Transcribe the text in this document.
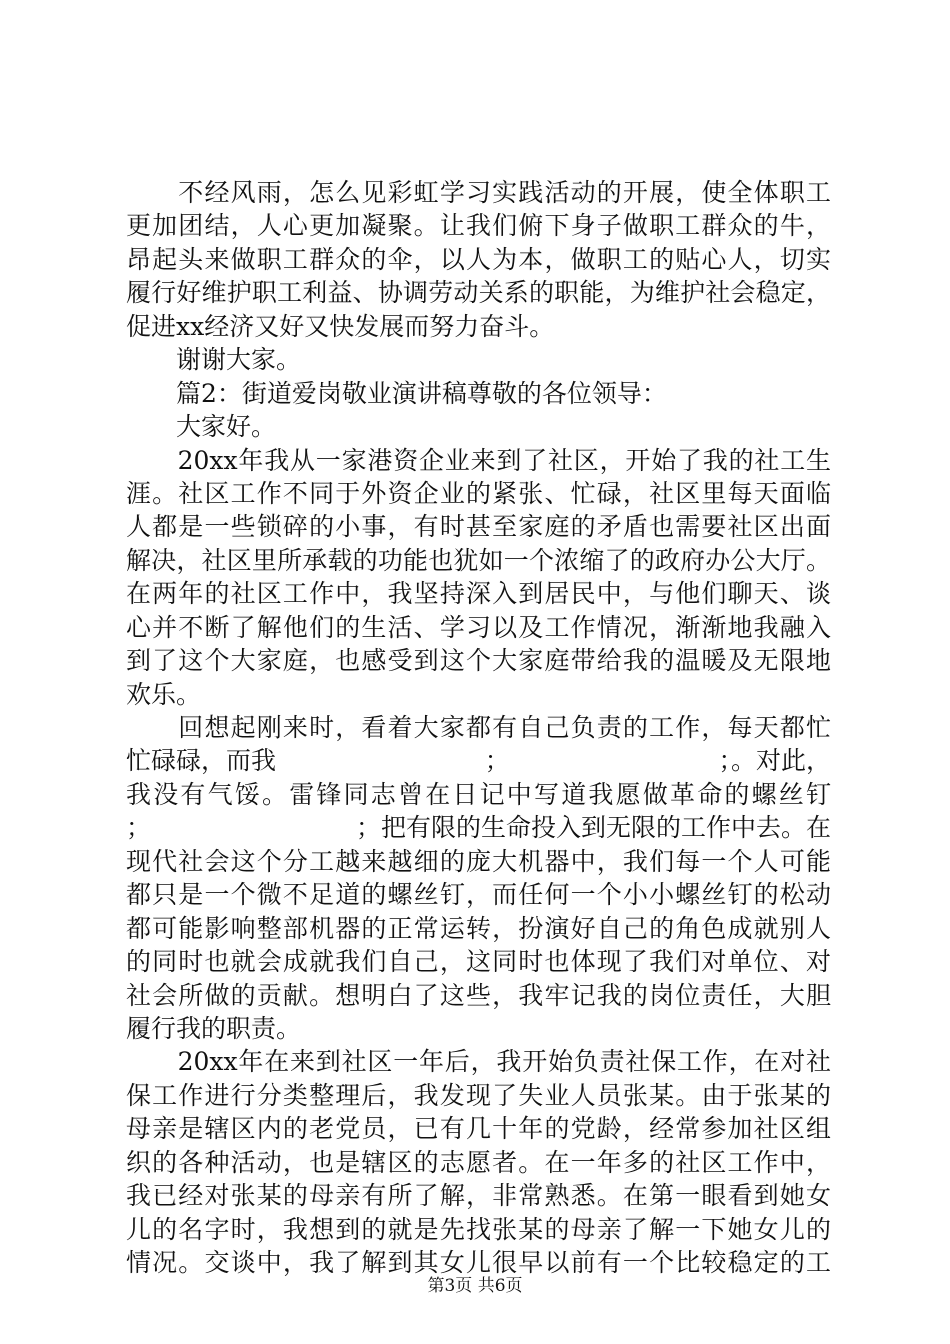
　　不经风雨，怎么见彩虹学习实践活动的开展，使全体职工
更加团结，人心更加凝聚。让我们俯下身子做职工群众的牛，
昂起头来做职工群众的伞，以人为本，做职工的贴心人，切实
履行好维护职工利益、协调劳动关系的职能，为维护社会稳定，
促进xx经济又好又快发展而努力奋斗。
　　谢谢大家。
　　篇2：街道爱岗敬业演讲稿尊敬的各位领导：
　　大家好。
　　20xx年我从一家港资企业来到了社区，开始了我的社工生
涯。社区工作不同于外资企业的紧张、忙碌，社区里每天面临
人都是一些锁碎的小事，有时甚至家庭的矛盾也需要社区出面
解决，社区里所承载的功能也犹如一个浓缩了的政府办公大厅。
在两年的社区工作中，我坚持深入到居民中，与他们聊天、谈
心并不断了解他们的生活、学习以及工作情况，渐渐地我融入
到了这个大家庭，也感受到这个大家庭带给我的温暖及无限地
欢乐。
　　回想起刚来时，看着大家都有自己负责的工作，每天都忙
忙碌碌，而我	；	；。对此，
我没有气馁。雷锋同志曾在日记中写道我愿做革命的螺丝钉
；	；把有限的生命投入到无限的工作中去。在
现代社会这个分工越来越细的庞大机器中，我们每一个人可能
都只是一个微不足道的螺丝钉，而任何一个小小螺丝钉的松动
都可能影响整部机器的正常运转，扮演好自己的角色成就别人
的同时也就会成就我们自己，这同时也体现了我们对单位、对
社会所做的贡献。想明白了这些，我牢记我的岗位责任，大胆
履行我的职责。
　　20xx年在来到社区一年后，我开始负责社保工作，在对社
保工作进行分类整理后，我发现了失业人员张某。由于张某的
母亲是辖区内的老党员，已有几十年的党龄，经常参加社区组
织的各种活动，也是辖区的志愿者。在一年多的社区工作中，
我已经对张某的母亲有所了解，非常熟悉。在第一眼看到她女
儿的名字时，我想到的就是先找张某的母亲了解一下她女儿的
情况。交谈中，我了解到其女儿很早以前有一个比较稳定的工
第3页 共6页
